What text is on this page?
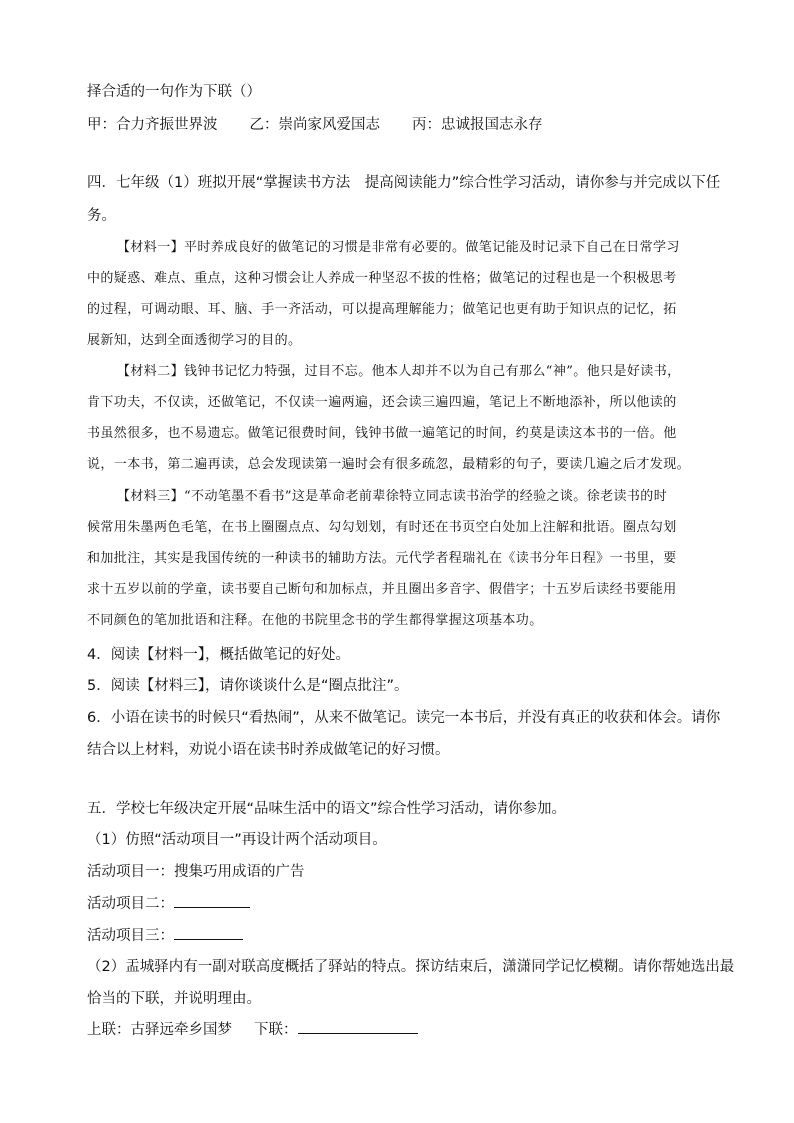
择合适的一句作为下联（）
甲：合力齐振世界波 乙：崇尚家风爱国志 丙：忠诚报国志永存
四．七年级（1）班拟开展“掌握读书方法　提高阅读能力”综合性学习活动，请你参与并完成以下任
务。
【材料一】平时养成良好的做笔记的习惯是非常有必要的。做笔记能及时记录下自己在日常学习
中的疑惑、难点、重点，这种习惯会让人养成一种坚忍不拔的性格；做笔记的过程也是一个积极思考
的过程，可调动眼、耳、脑、手一齐活动，可以提高理解能力；做笔记也更有助于知识点的记忆，拓
展新知，达到全面透彻学习的目的。
【材料二】钱钟书记忆力特强，过目不忘。他本人却并不以为自己有那么“神”。他只是好读书，
肯下功夫，不仅读，还做笔记，不仅读一遍两遍，还会读三遍四遍，笔记上不断地添补，所以他读的
书虽然很多，也不易遗忘。做笔记很费时间，钱钟书做一遍笔记的时间，约莫是读这本书的一倍。他
说，一本书，第二遍再读，总会发现读第一遍时会有很多疏忽，最精彩的句子，要读几遍之后才发现。
【材料三】“不动笔墨不看书”这是革命老前辈徐特立同志读书治学的经验之谈。徐老读书的时
候常用朱墨两色毛笔，在书上圈圈点点、勾勾划划，有时还在书页空白处加上注解和批语。圈点勾划
和加批注，其实是我国传统的一种读书的辅助方法。元代学者程瑞礼在《读书分年日程》一书里，要
求十五岁以前的学童，读书要自己断句和加标点，并且圈出多音字、假借字；十五岁后读经书要能用
不同颜色的笔加批语和注释。在他的书院里念书的学生都得掌握这项基本功。
4．阅读【材料一】，概括做笔记的好处。
5．阅读【材料三】，请你谈谈什么是“圈点批注”。
6．小语在读书的时候只“看热闹”，从来不做笔记。读完一本书后，并没有真正的收获和体会。请你
结合以上材料，劝说小语在读书时养成做笔记的好习惯。
五．学校七年级决定开展“品味生活中的语文”综合性学习活动，请你参加。
（1）仿照“活动项目一”再设计两个活动项目。
活动项目一：搜集巧用成语的广告
活动项目二：
活动项目三：
（2）盂城驿内有一副对联高度概括了驿站的特点。探访结束后，潇潇同学记忆模糊。请你帮她选出最
恰当的下联，并说明理由。
上联：古驿远牵乡国梦 下联：
